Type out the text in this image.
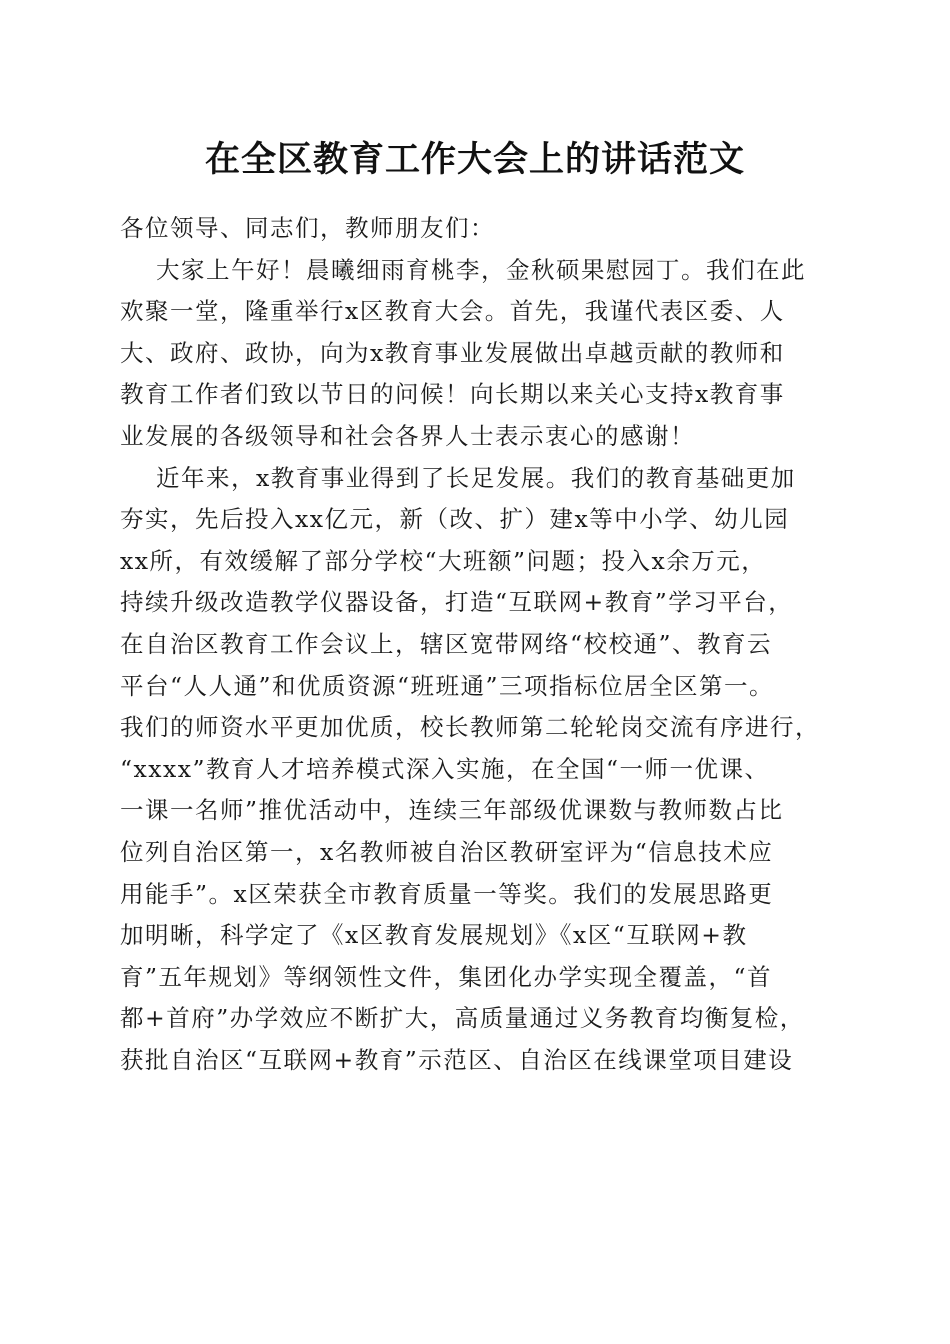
在全区教育工作大会上的讲话范文
各位领导、同志们，教师朋友们：
大家上午好！晨曦细雨育桃李，金秋硕果慰园丁。我们在此
欢聚一堂，隆重举行x区教育大会。首先，我谨代表区委、人
大、政府、政协，向为x教育事业发展做出卓越贡献的教师和
教育工作者们致以节日的问候！向长期以来关心支持x教育事
业发展的各级领导和社会各界人士表示衷心的感谢！
近年来，x教育事业得到了长足发展。我们的教育基础更加
夯实，先后投入xx亿元，新（改、扩）建x等中小学、幼儿园
xx所，有效缓解了部分学校“大班额”问题；投入x余万元，
持续升级改造教学仪器设备，打造“互联网+教育”学习平台，
在自治区教育工作会议上，辖区宽带网络“校校通”、教育云
平台“人人通”和优质资源“班班通”三项指标位居全区第一。
我们的师资水平更加优质，校长教师第二轮轮岗交流有序进行，
“xxxx”教育人才培养模式深入实施，在全国“一师一优课、
一课一名师”推优活动中，连续三年部级优课数与教师数占比
位列自治区第一，x名教师被自治区教研室评为“信息技术应
用能手”。x区荣获全市教育质量一等奖。我们的发展思路更
加明晰，科学定了《x区教育发展规划》《x区“互联网+教
育”五年规划》等纲领性文件，集团化办学实现全覆盖，“首
都+首府”办学效应不断扩大，高质量通过义务教育均衡复检，
获批自治区“互联网+教育”示范区、自治区在线课堂项目建设
